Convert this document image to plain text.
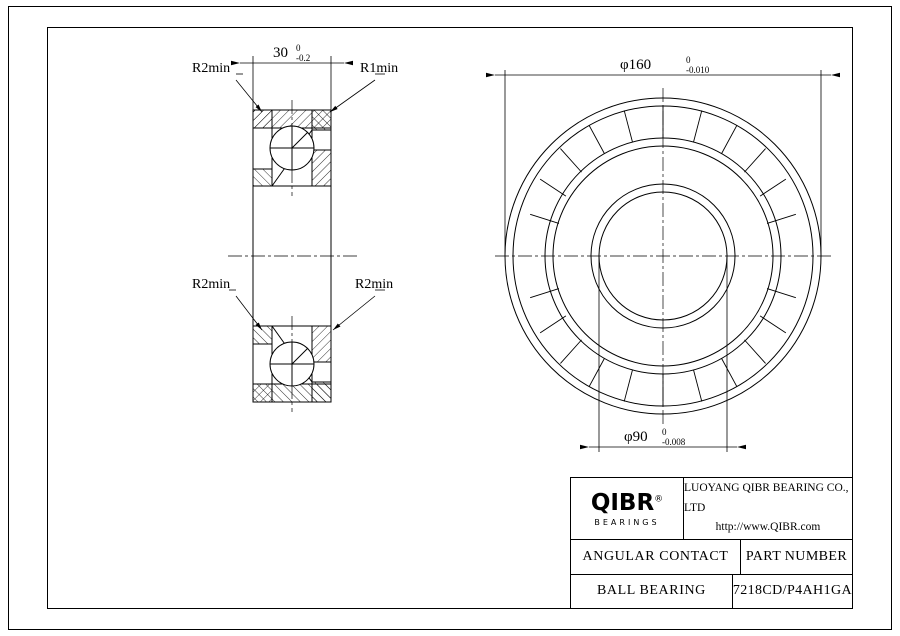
30 0
-0.2
R2min	R1min
R2min	R2min
φ160	0
-0.010
φ90 0
-0.008
QIBR®
BEARINGS
LUOYANG QIBR BEARING CO., LTD
http://www.QIBR.com
ANGULAR CONTACT	PART NUMBER
BALL BEARING	7218CD/P4AH1GA
